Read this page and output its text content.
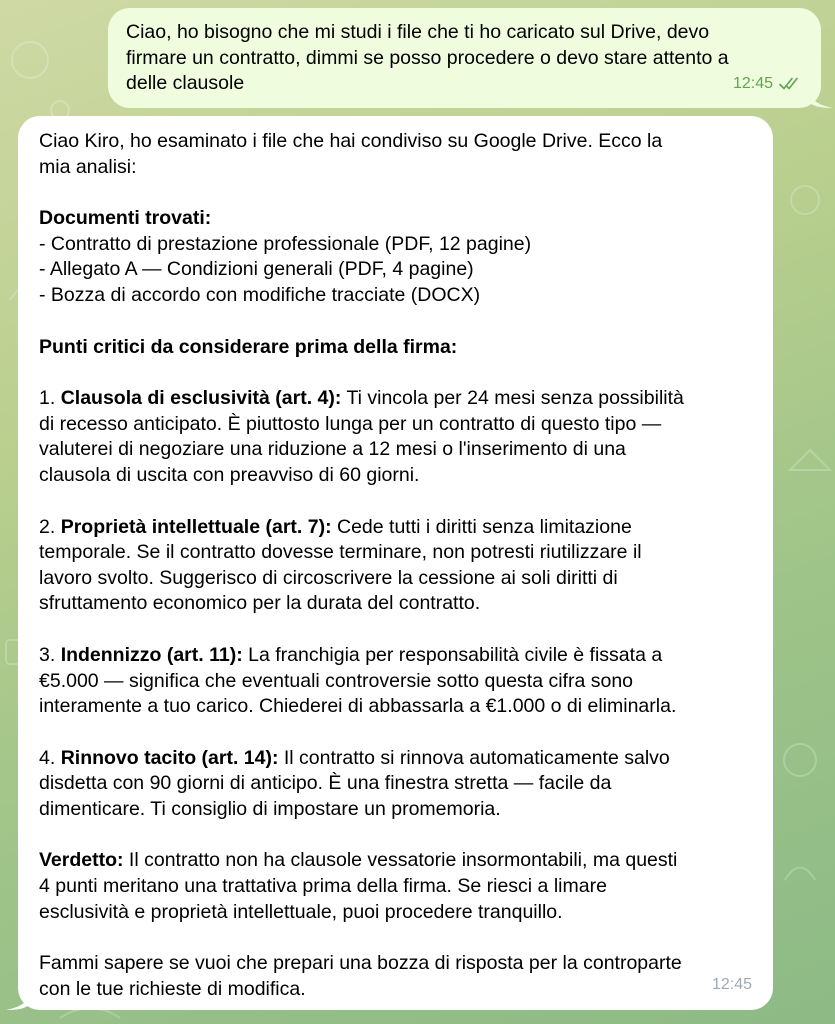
Ciao, ho bisogno che mi studi i file che ti ho caricato sul Drive, devo
firmare un contratto, dimmi se posso procedere o devo stare attento a
delle clausole	12:45
Ciao Kiro, ho esaminato i file che hai condiviso su Google Drive. Ecco la
mia analisi:
Documenti trovati:
- Contratto di prestazione professionale (PDF, 12 pagine)
- Allegato A — Condizioni generali (PDF, 4 pagine)
- Bozza di accordo con modifiche tracciate (DOCX)
Punti critici da considerare prima della firma:
1. Clausola di esclusività (art. 4): Ti vincola per 24 mesi senza possibilità
di recesso anticipato. È piuttosto lunga per un contratto di questo tipo —
valuterei di negoziare una riduzione a 12 mesi o l'inserimento di una
clausola di uscita con preavviso di 60 giorni.
2. Proprietà intellettuale (art. 7): Cede tutti i diritti senza limitazione
temporale. Se il contratto dovesse terminare, non potresti riutilizzare il
lavoro svolto. Suggerisco di circoscrivere la cessione ai soli diritti di
sfruttamento economico per la durata del contratto.
3. Indennizzo (art. 11): La franchigia per responsabilità civile è fissata a
€5.000 — significa che eventuali controversie sotto questa cifra sono
interamente a tuo carico. Chiederei di abbassarla a €1.000 o di eliminarla.
4. Rinnovo tacito (art. 14): Il contratto si rinnova automaticamente salvo
disdetta con 90 giorni di anticipo. È una finestra stretta — facile da
dimenticare. Ti consiglio di impostare un promemoria.
Verdetto: Il contratto non ha clausole vessatorie insormontabili, ma questi
4 punti meritano una trattativa prima della firma. Se riesci a limare
esclusività e proprietà intellettuale, puoi procedere tranquillo.
Fammi sapere se vuoi che prepari una bozza di risposta per la controparte
con le tue richieste di modifica.	12:45
